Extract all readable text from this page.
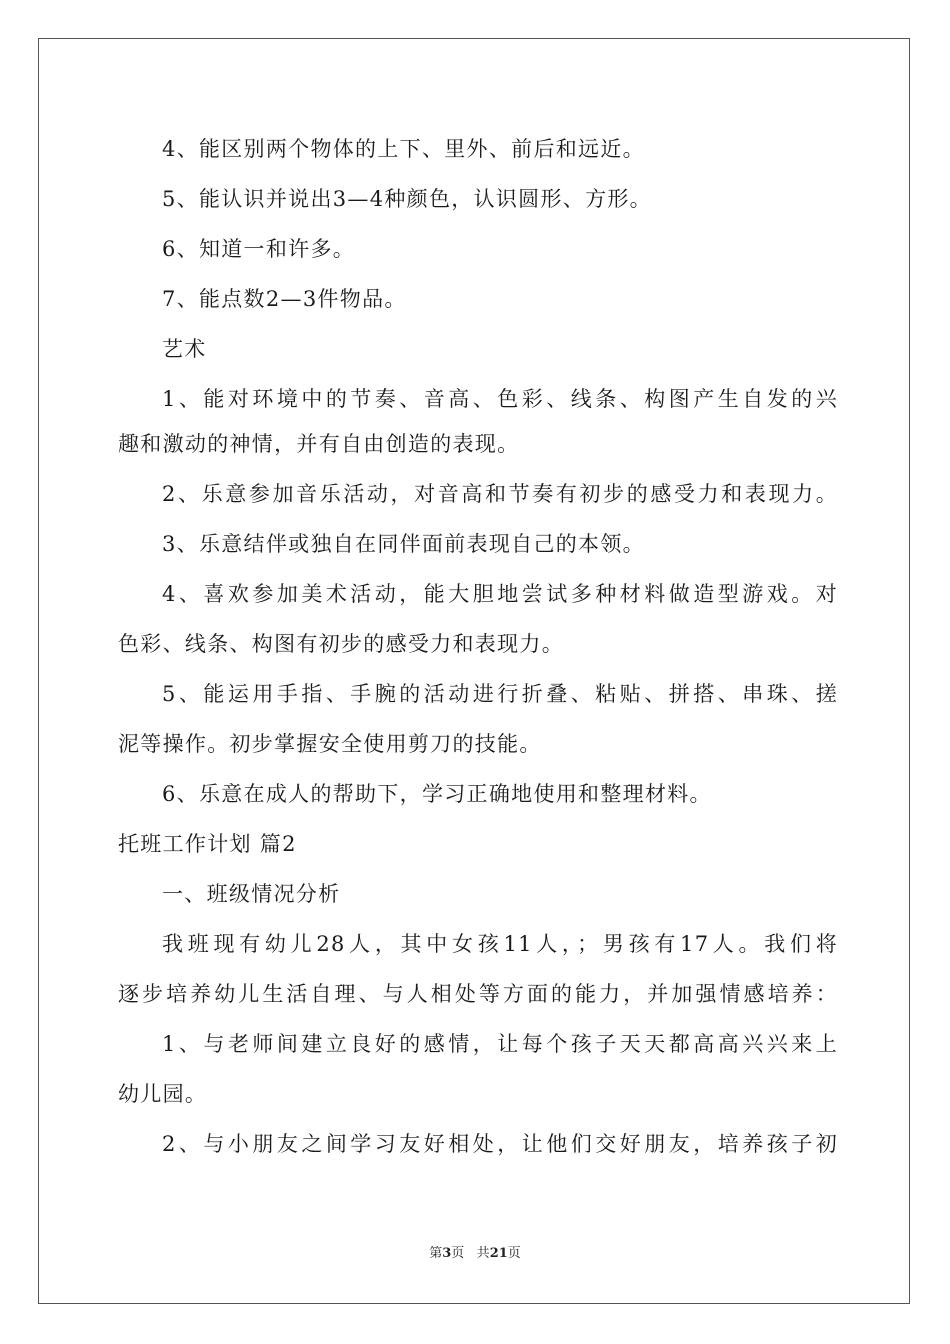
4、能区别两个物体的上下、里外、前后和远近。
5、能认识并说出3—4种颜色，认识圆形、方形。
6、知道一和许多。
7、能点数2—3件物品。
艺术
1、能对环境中的节奏、音高、色彩、线条、构图产生自发的兴
趣和激动的神情，并有自由创造的表现。
2、乐意参加音乐活动，对音高和节奏有初步的感受力和表现力。
3、乐意结伴或独自在同伴面前表现自己的本领。
4、喜欢参加美术活动，能大胆地尝试多种材料做造型游戏。对
色彩、线条、构图有初步的感受力和表现力。
5、能运用手指、手腕的活动进行折叠、粘贴、拼搭、串珠、搓
泥等操作。初步掌握安全使用剪刀的技能。
6、乐意在成人的帮助下，学习正确地使用和整理材料。
托班工作计划 篇2
一、班级情况分析
我班现有幼儿28人，其中女孩11人，；男孩有17人。我们将
逐步培养幼儿生活自理、与人相处等方面的能力，并加强情感培养：
1、与老师间建立良好的感情，让每个孩子天天都高高兴兴来上
幼儿园。
2、与小朋友之间学习友好相处，让他们交好朋友，培养孩子初
第3页 共21页
